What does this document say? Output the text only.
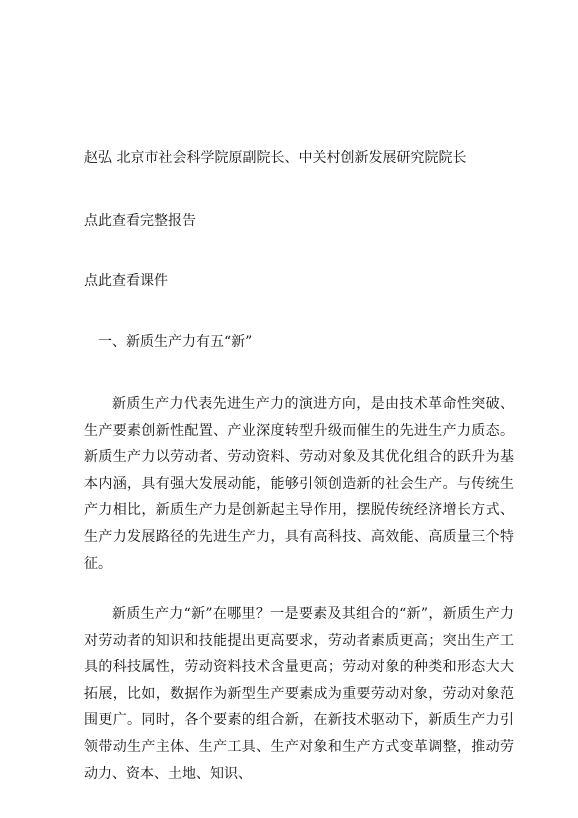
赵弘 北京市社会科学院原副院长、中关村创新发展研究院院长
点此查看完整报告
点此查看课件
一、新质生产力有五“新”

新质生产力代表先进生产力的演进方向，是由技术革命性突破、生产要素创新性配置、产业深度转型升级而催生的先进生产力质态。新质生产力以劳动者、劳动资料、劳动对象及其优化组合的跃升为基本内涵，具有强大发展动能，能够引领创造新的社会生产。与传统生产力相比，新质生产力是创新起主导作用，摆脱传统经济增长方式、生产力发展路径的先进生产力，具有高科技、高效能、高质量三个特征。

新质生产力“新”在哪里？一是要素及其组合的“新”，新质生产力对劳动者的知识和技能提出更高要求，劳动者素质更高；突出生产工具的科技属性，劳动资料技术含量更高；劳动对象的种类和形态大大拓展，比如，数据作为新型生产要素成为重要劳动对象，劳动对象范围更广。同时，各个要素的组合新，在新技术驱动下，新质生产力引领带动生产主体、生产工具、生产对象和生产方式变革调整，推动劳动力、资本、土地、知识、
